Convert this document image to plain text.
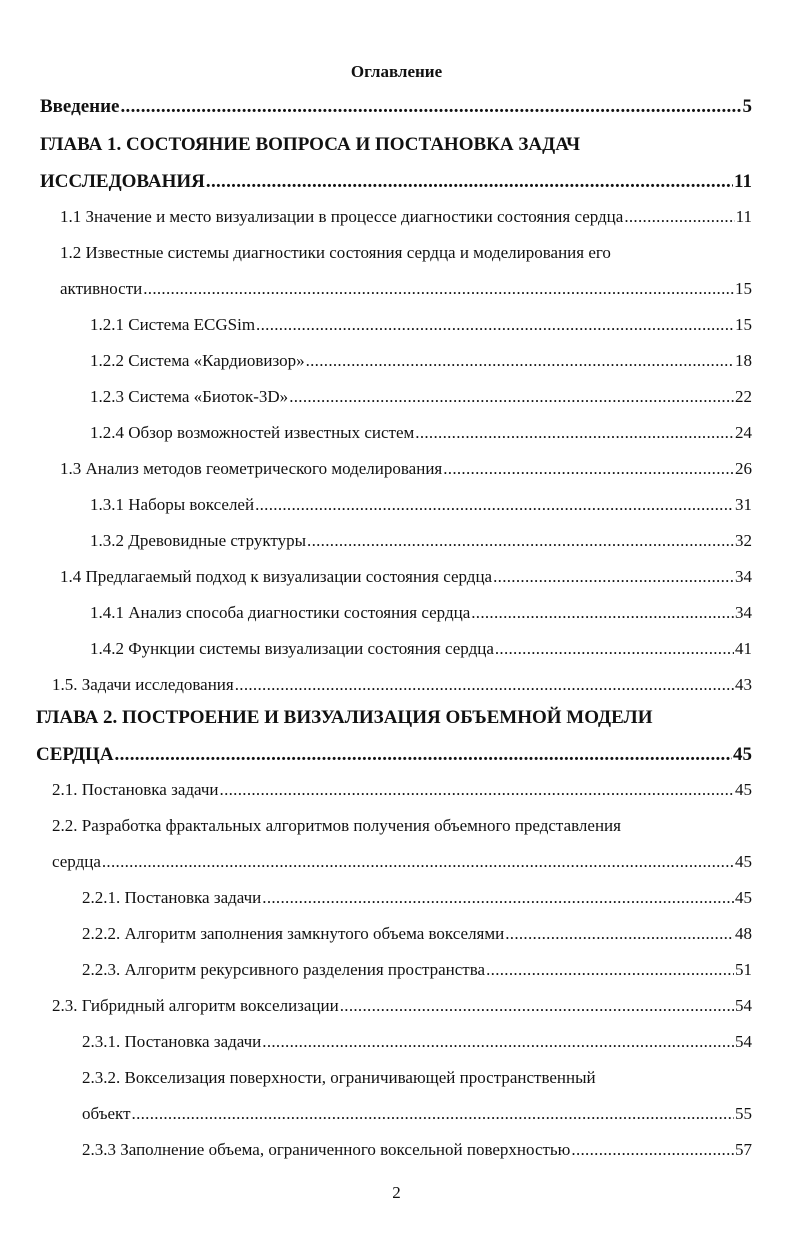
Оглавление
Введение .....	5
ГЛАВА 1. СОСТОЯНИЕ ВОПРОСА И ПОСТАНОВКА ЗАДАЧ
ИССЛЕДОВАНИЯ .....	11
1.1 Значение и место визуализации в процессе диагностики состояния сердца .....	11
1.2 Известные системы диагностики состояния сердца и моделирования его
активности .....	15
1.2.1 Система ECGSim .....	15
1.2.2 Система «Кардиовизор» .....	18
1.2.3 Система «Биоток-3D» .....	22
1.2.4 Обзор возможностей известных систем .....	24
1.3 Анализ методов геометрического моделирования .....	26
1.3.1 Наборы вокселей .....	31
1.3.2 Древовидные структуры .....	32
1.4 Предлагаемый подход к визуализации состояния сердца .....	34
1.4.1 Анализ способа диагностики состояния сердца .....	34
1.4.2 Функции системы визуализации состояния сердца .....	41
1.5. Задачи исследования .....	43
ГЛАВА 2. ПОСТРОЕНИЕ И ВИЗУАЛИЗАЦИЯ ОБЪЕМНОЙ МОДЕЛИ
СЕРДЦА .....	45
2.1. Постановка задачи .....	45
2.2. Разработка фрактальных алгоритмов получения объемного представления
сердца .....	45
2.2.1. Постановка задачи .....	45
2.2.2. Алгоритм заполнения замкнутого объема вокселями .....	48
2.2.3. Алгоритм рекурсивного разделения пространства .....	51
2.3. Гибридный алгоритм вокселизации .....	54
2.3.1. Постановка задачи .....	54
2.3.2. Вокселизация поверхности, ограничивающей пространственный
объект .....	55
2.3.3 Заполнение объема, ограниченного воксельной поверхностью .....	57
2
